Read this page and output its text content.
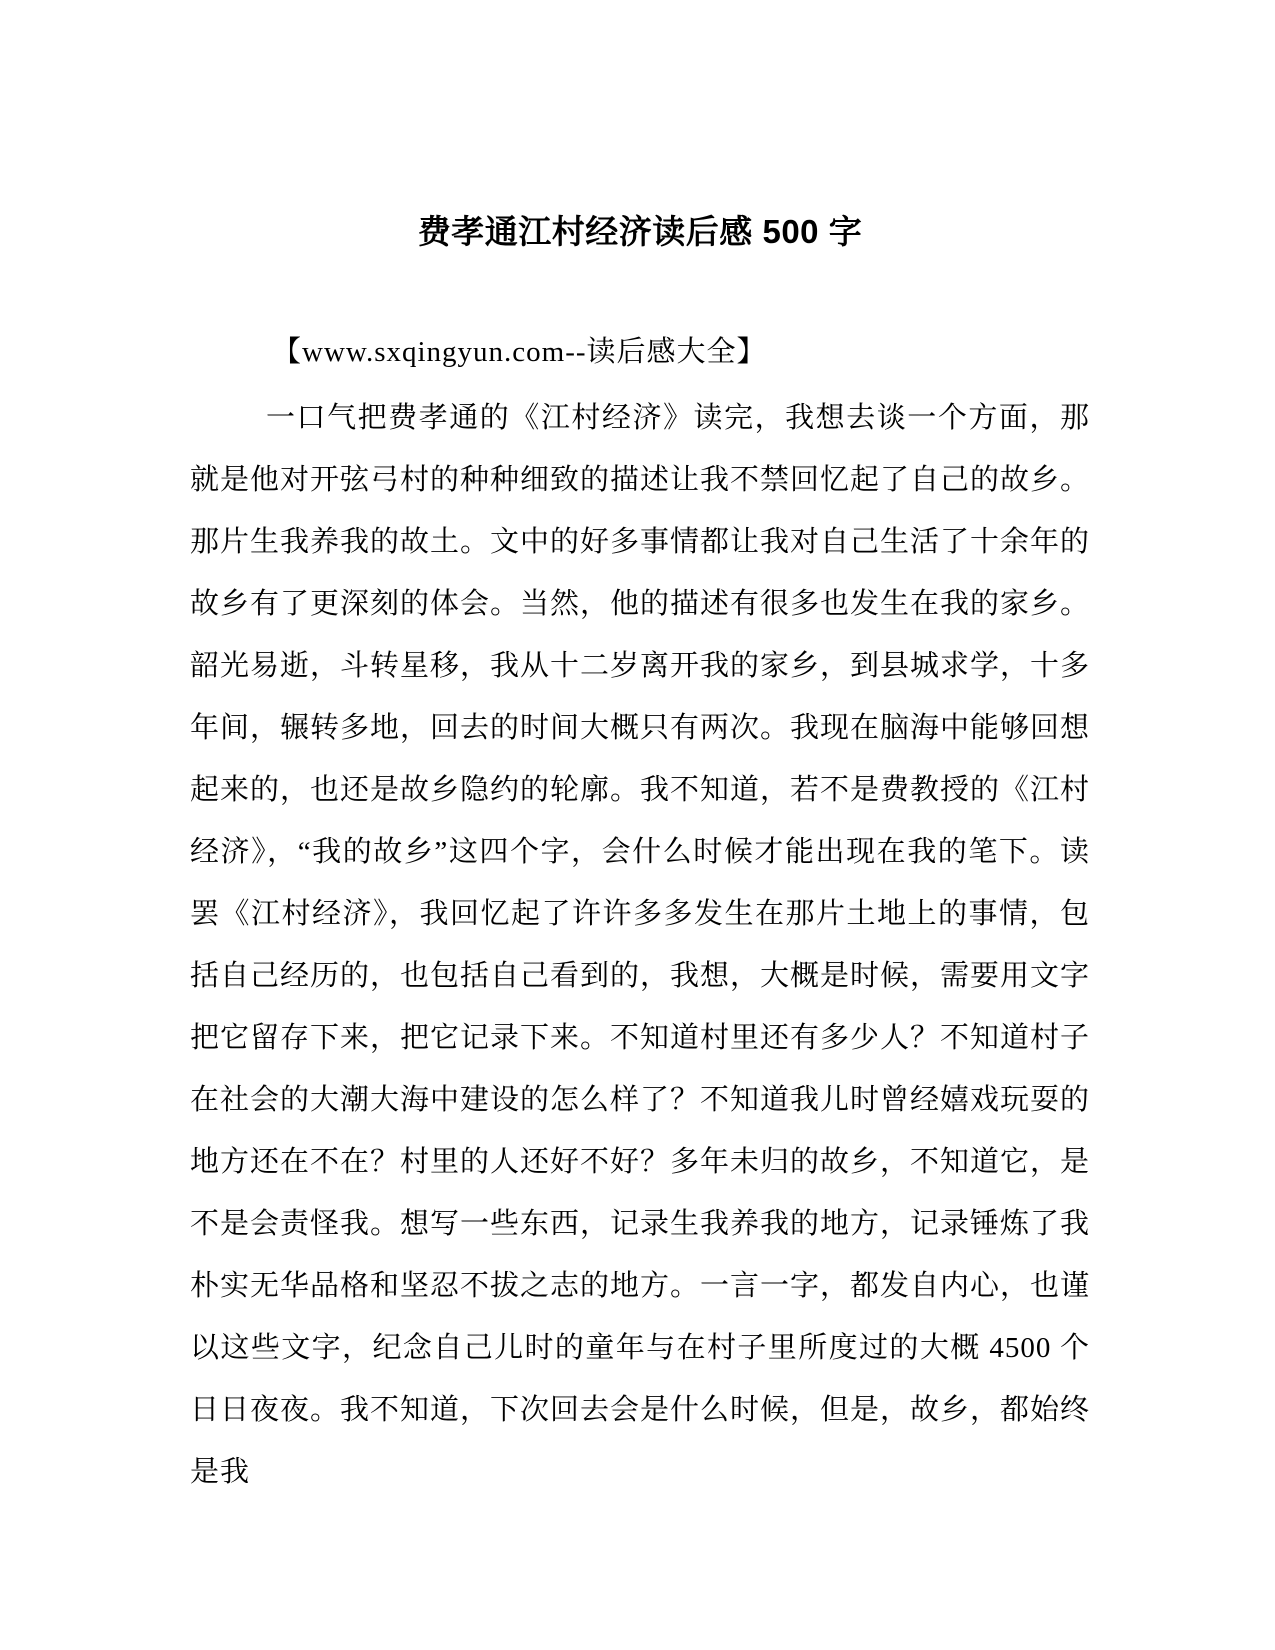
费孝通江村经济读后感 500 字

【www.sxqingyun.com--读后感大全】

一口气把费孝通的《江村经济》读完，我想去谈一个方面，那就是他对开弦弓村的种种细致的描述让我不禁回忆起了自己的故乡。那片生我养我的故土。文中的好多事情都让我对自己生活了十余年的故乡有了更深刻的体会。当然，他的描述有很多也发生在我的家乡。韶光易逝，斗转星移，我从十二岁离开我的家乡，到县城求学，十多年间，辗转多地，回去的时间大概只有两次。我现在脑海中能够回想起来的，也还是故乡隐约的轮廓。我不知道，若不是费教授的《江村经济》，“我的故乡”这四个字，会什么时候才能出现在我的笔下。读罢《江村经济》，我回忆起了许许多多发生在那片土地上的事情，包括自己经历的，也包括自己看到的，我想，大概是时候，需要用文字把它留存下来，把它记录下来。不知道村里还有多少人？不知道村子在社会的大潮大海中建设的怎么样了？不知道我儿时曾经嬉戏玩耍的地方还在不在？村里的人还好不好？多年未归的故乡，不知道它，是不是会责怪我。想写一些东西，记录生我养我的地方，记录锤炼了我朴实无华品格和坚忍不拔之志的地方。一言一字，都发自内心，也谨以这些文字，纪念自己儿时的童年与在村子里所度过的大概 4500 个日日夜夜。我不知道，下次回去会是什么时候，但是，故乡，都始终是我
